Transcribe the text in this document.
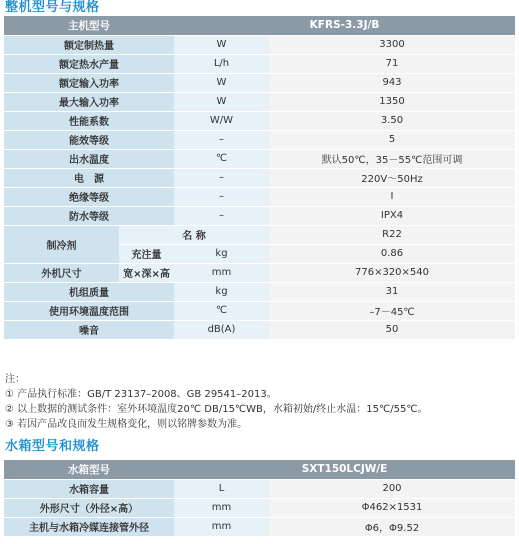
整机型号与规格
主机型号		KFRS-3.3J/B	
额定制热量		W	3300
额定热水产量		L/h	71
额定输入功率		W	943
最大输入功率		W	1350
性能系数		W/W	3.50
能效等级		–	5
出水温度		℃	默认50℃，35－55℃范围可调
电　源		–	220V～50Hz
绝缘等级		–	I
防水等级		–	IPX4
制冷剂	名 称		R22
	充注量	kg	0.86
外机尺寸	宽×深×高	mm	776×320×540
机组质量		kg	31
使用环境温度范围		℃	–7－45℃
噪音		dB(A)	50
注：
① 产品执行标准：GB/T 23137–2008、GB 29541–2013。
② 以上数据的测试条件：室外环境温度20℃ DB/15℃WB，水箱初始/终止水温：15℃/55℃。
③ 若因产品改良而发生规格变化，则以铭牌参数为准。
水箱型号和规格
水箱型号	SXT150LCJW/E	
水箱容量	L	200
外形尺寸（外径×高）	mm	Φ462×1531
主机与水箱冷媒连接管外径	mm	Φ6，Φ9.52
